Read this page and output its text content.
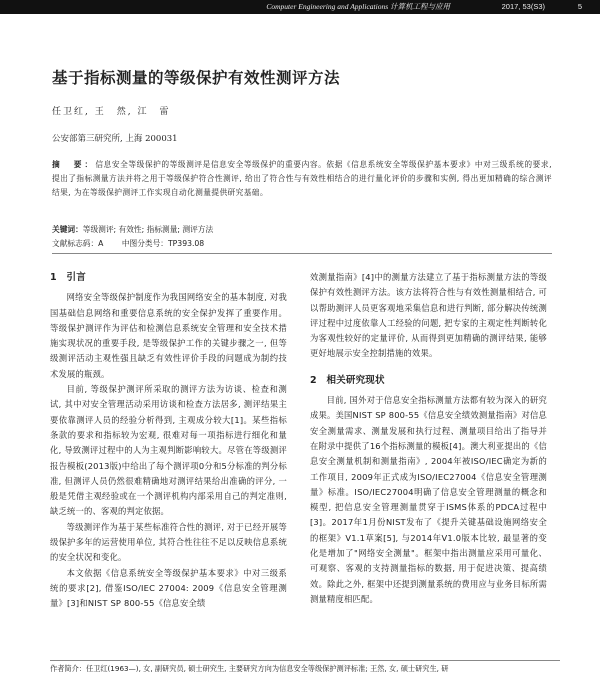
Computer Engineering and Applications 计算机工程与应用	2017, 53(S3)	5
基于指标测量的等级保护有效性测评方法
任卫红, 王　然, 江　雷
公安部第三研究所, 上海 200031
摘　要：信息安全等级保护的等级测评是信息安全等级保护的重要内容。依据《信息系统安全等级保护基本要求》中对三级系统的要求, 提出了指标测量方法并将之用于等级保护符合性测评, 给出了符合性与有效性相结合的进行量化评价的步骤和实例, 得出更加精确的综合测评结果, 为在等级保护测评工作实现自动化测量提供研究基础。
关键词：等级测评; 有效性; 指标测量; 测评方法
文献标志码：A 中图分类号：TP393.08
1　引言

网络安全等级保护制度作为我国网络安全的基本制度, 对我国基础信息网络和重要信息系统的安全保护发挥了重要作用。等级保护测评作为评估和检测信息系统安全管理和安全技术措施实现状况的重要手段, 是等级保护工作的关键步骤之一, 但等级测评活动主观性强且缺乏有效性评价手段的问题成为制约技术发展的瓶颈。

目前, 等级保护测评所采取的测评方法为访谈、检查和测试, 其中对安全管理活动采用访谈和检查方法居多, 测评结果主要依靠测评人员的经验分析得到, 主观成分较大[1]。某些指标条款的要求和指标较为宏观, 很难对每一项指标进行细化和量化, 导致测评过程中的人为主观判断影响较大。尽管在等级测评报告模板(2013版)中给出了每个测评项0分和5分标准的判分标准, 但测评人员仍然很难精确地对测评结果给出准确的评分, 一般是凭借主观经验或在一个测评机构内部采用自己的判定准则, 缺乏统一的、客观的判定依据。

等级测评作为基于某些标准符合性的测评, 对于已经开展等级保护多年的运营使用单位, 其符合性往往不足以反映信息系统的安全状况和变化。

本文依据《信息系统安全等级保护基本要求》中对三级系统的要求[2], 借鉴ISO/IEC 27004: 2009《信息安全管理测量》[3]和NIST SP 800-55《信息安全绩

效测量指南》[4]中的测量方法建立了基于指标测量方法的等级保护有效性测评方法。该方法将符合性与有效性测量相结合, 可以帮助测评人员更客观地采集信息和进行判断, 部分解决传统测评过程中过度依靠人工经验的问题, 把专家的主观定性判断转化为客观性较好的定量评价, 从而得到更加精确的测评结果, 能够更好地展示安全控制措施的效果。

2　相关研究现状

目前, 国外对于信息安全指标测量方法都有较为深入的研究成果。美国NIST SP 800-55《信息安全绩效测量指南》对信息安全测量需求、测量发展和执行过程、测量项目给出了指导并在附录中提供了16个指标测量的模板[4]。澳大利亚提出的《信息安全测量机制和测量指南》, 2004年被ISO/IEC确定为新的工作项目, 2009年正式成为ISO/IEC27004《信息安全管理测量》标准。ISO/IEC27004明确了信息安全管理测量的概念和模型, 把信息安全管理测量贯穿于ISMS体系的PDCA过程中[3]。2017年1月份NIST发布了《提升关键基础设施网络安全的框架》V1.1草案[5], 与2014年V1.0版本比较, 最显著的变化是增加了"网络安全测量"。框架中指出测量应采用可量化、可观察、客观的支持测量指标的数据, 用于促进决策、提高绩效。除此之外, 框架中还提到测量系统的费用应与业务目标所需测量精度相匹配。

作者简介：任卫红(1963—), 女, 副研究员, 硕士研究生, 主要研究方向为信息安全等级保护测评标准; 王然, 女, 硕士研究生, 研
